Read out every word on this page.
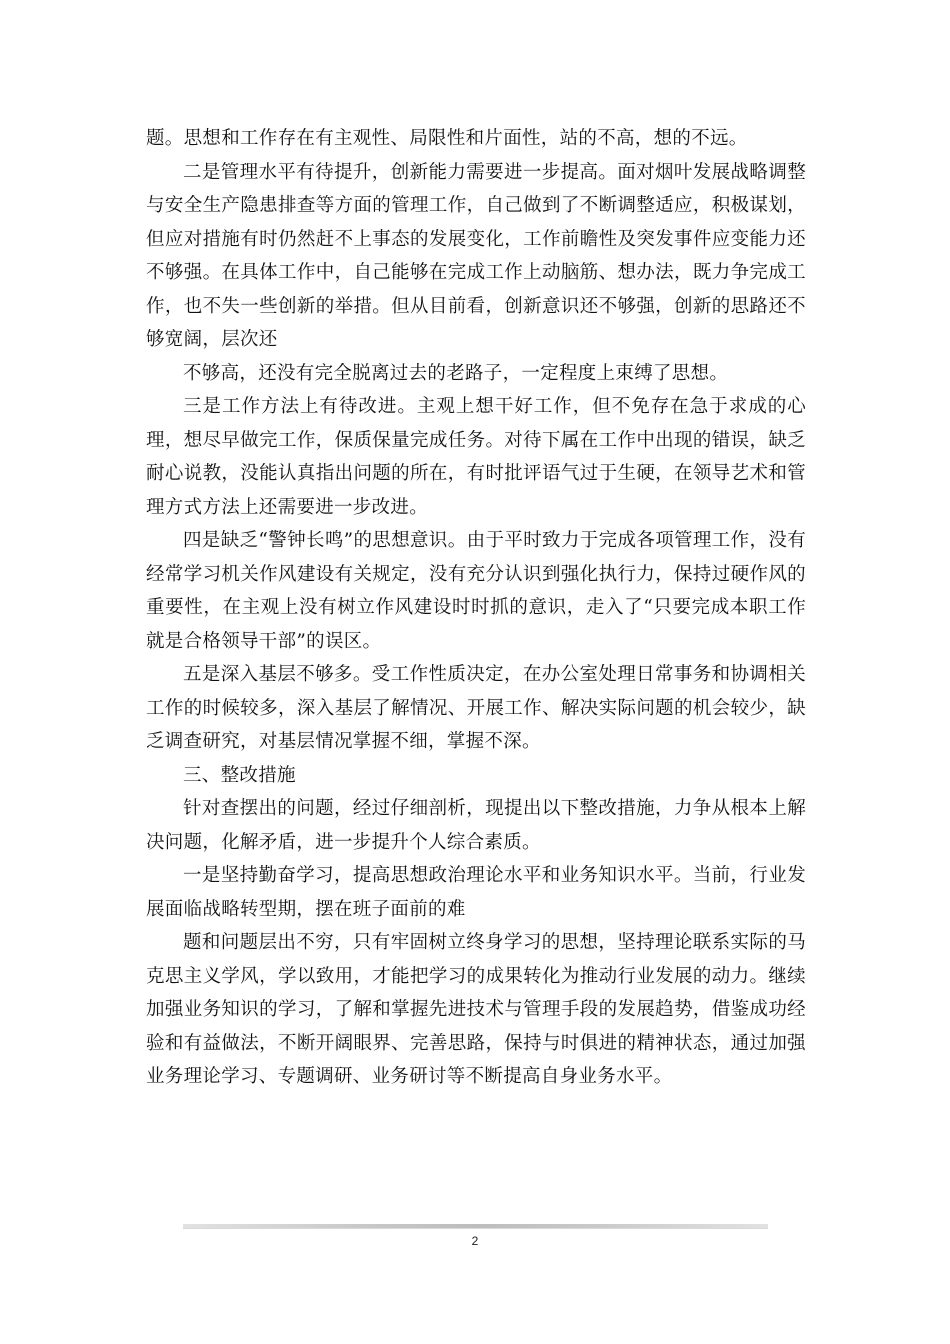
题。思想和工作存在有主观性、局限性和片面性，站的不高，想的不远。

二是管理水平有待提升，创新能力需要进一步提高。面对烟叶发展战略调整与安全生产隐患排查等方面的管理工作，自己做到了不断调整适应，积极谋划，但应对措施有时仍然赶不上事态的发展变化，工作前瞻性及突发事件应变能力还不够强。在具体工作中，自己能够在完成工作上动脑筋、想办法，既力争完成工作，也不失一些创新的举措。但从目前看，创新意识还不够强，创新的思路还不够宽阔，层次还

不够高，还没有完全脱离过去的老路子，一定程度上束缚了思想。

三是工作方法上有待改进。主观上想干好工作，但不免存在急于求成的心理，想尽早做完工作，保质保量完成任务。对待下属在工作中出现的错误，缺乏耐心说教，没能认真指出问题的所在，有时批评语气过于生硬，在领导艺术和管理方式方法上还需要进一步改进。

四是缺乏“警钟长鸣”的思想意识。由于平时致力于完成各项管理工作，没有经常学习机关作风建设有关规定，没有充分认识到强化执行力，保持过硬作风的重要性，在主观上没有树立作风建设时时抓的意识，走入了“只要完成本职工作就是合格领导干部”的误区。

五是深入基层不够多。受工作性质决定，在办公室处理日常事务和协调相关工作的时候较多，深入基层了解情况、开展工作、解决实际问题的机会较少，缺乏调查研究，对基层情况掌握不细，掌握不深。

三、整改措施

针对查摆出的问题，经过仔细剖析，现提出以下整改措施，力争从根本上解决问题，化解矛盾，进一步提升个人综合素质。

一是坚持勤奋学习，提高思想政治理论水平和业务知识水平。当前，行业发展面临战略转型期，摆在班子面前的难

题和问题层出不穷，只有牢固树立终身学习的思想，坚持理论联系实际的马克思主义学风，学以致用，才能把学习的成果转化为推动行业发展的动力。继续加强业务知识的学习，了解和掌握先进技术与管理手段的发展趋势，借鉴成功经验和有益做法，不断开阔眼界、完善思路，保持与时俱进的精神状态，通过加强业务理论学习、专题调研、业务研讨等不断提高自身业务水平。

2
